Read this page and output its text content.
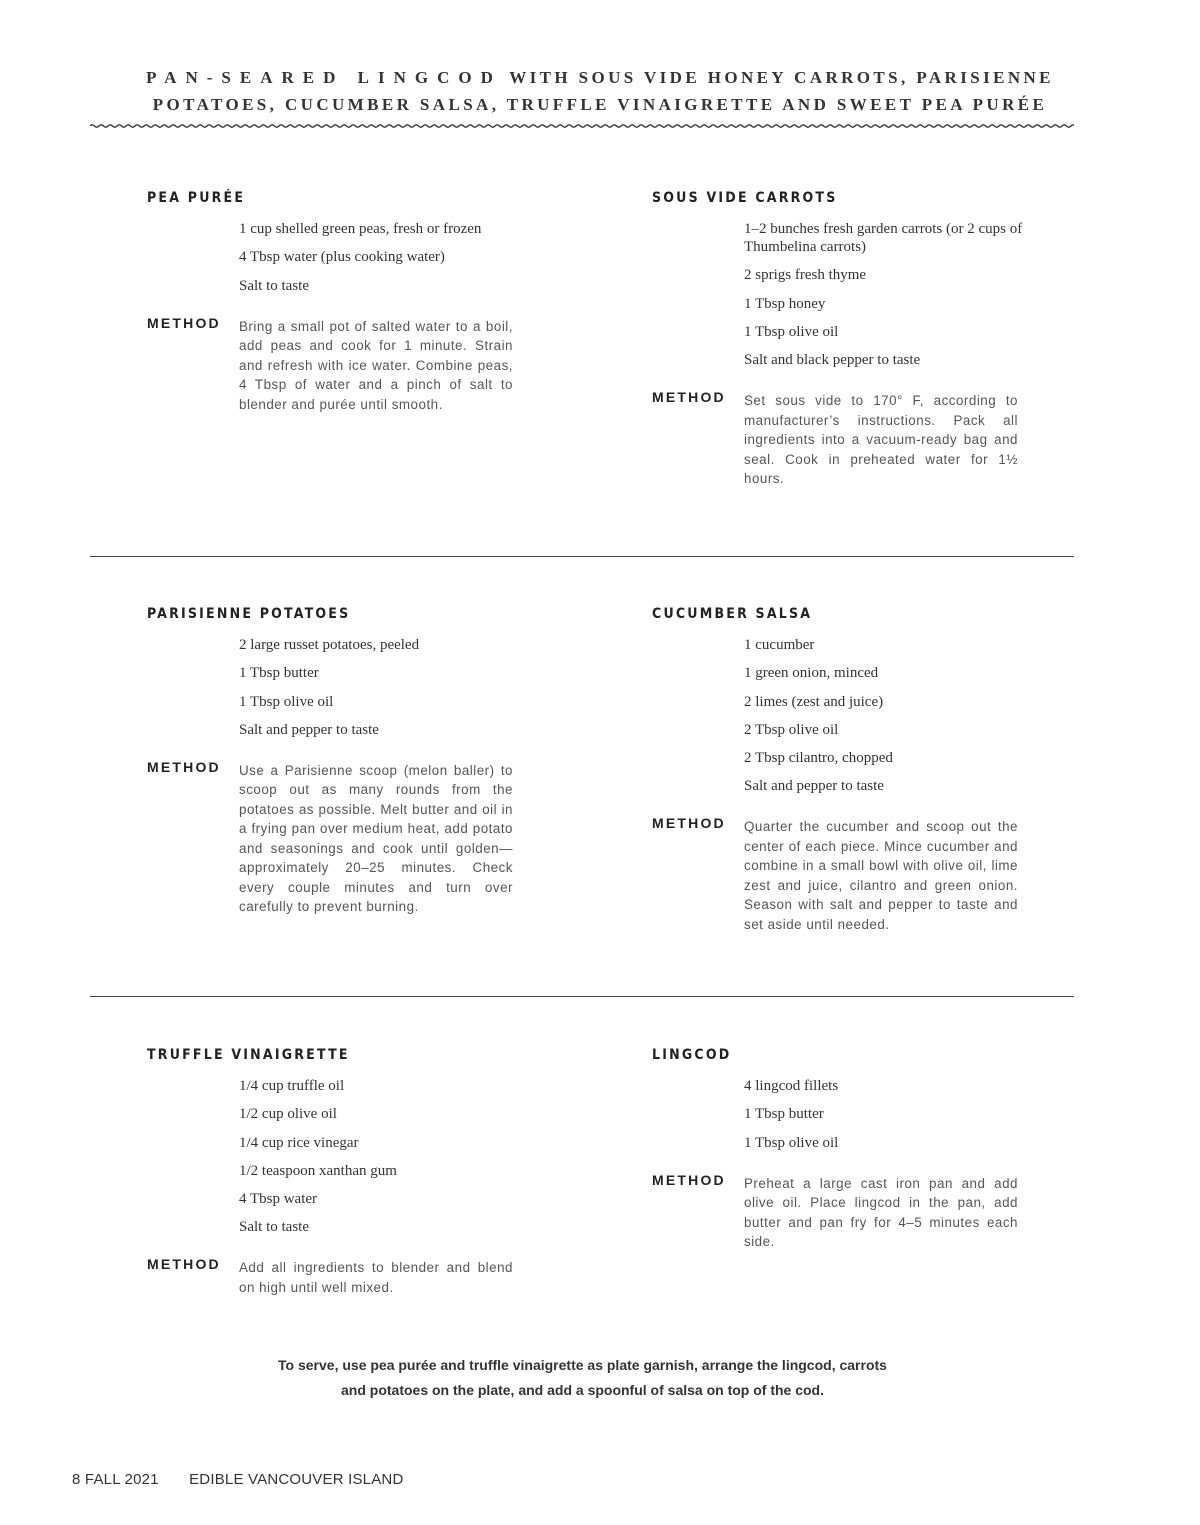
PAN-SEARED LINGCOD WITH SOUS VIDE HONEY CARROTS, PARISIENNE
POTATOES, CUCUMBER SALSA, TRUFFLE VINAIGRETTE AND SWEET PEA PURÉE
PEA PURÉE
1 cup shelled green peas, fresh or frozen
4 Tbsp water (plus cooking water)
Salt to taste
METHOD	Bring a small pot of salted water to a boil, add peas and cook for 1 minute. Strain and refresh with ice water. Combine peas, 4 Tbsp of water and a pinch of salt to blender and purée until smooth.
SOUS VIDE CARROTS
1–2 bunches fresh garden carrots (or 2 cups of Thumbelina carrots)
2 sprigs fresh thyme
1 Tbsp honey
1 Tbsp olive oil
Salt and black pepper to taste
METHOD	Set sous vide to 170° F, according to manufacturer’s instructions. Pack all ingredients into a vacuum-ready bag and seal. Cook in preheated water for 1½ hours.
PARISIENNE POTATOES
2 large russet potatoes, peeled
1 Tbsp butter
1 Tbsp olive oil
Salt and pepper to taste
METHOD	Use a Parisienne scoop (melon baller) to scoop out as many rounds from the potatoes as possible. Melt butter and oil in a frying pan over medium heat, add potato and seasonings and cook until golden—approximately 20–25 minutes. Check every couple minutes and turn over carefully to prevent burning.
CUCUMBER SALSA
1 cucumber
1 green onion, minced
2 limes (zest and juice)
2 Tbsp olive oil
2 Tbsp cilantro, chopped
Salt and pepper to taste
METHOD	Quarter the cucumber and scoop out the center of each piece. Mince cucumber and combine in a small bowl with olive oil, lime zest and juice, cilantro and green onion. Season with salt and pepper to taste and set aside until needed.
TRUFFLE VINAIGRETTE
1/4 cup truffle oil
1/2 cup olive oil
1/4 cup rice vinegar
1/2 teaspoon xanthan gum
4 Tbsp water
Salt to taste
METHOD	Add all ingredients to blender and blend on high until well mixed.
LINGCOD
4 lingcod fillets
1 Tbsp butter
1 Tbsp olive oil
METHOD	Preheat a large cast iron pan and add olive oil. Place lingcod in the pan, add butter and pan fry for 4–5 minutes each side.
To serve, use pea purée and truffle vinaigrette as plate garnish, arrange the lingcod, carrots
and potatoes on the plate, and add a spoonful of salsa on top of the cod.
8 FALL 2021 EDIBLE VANCOUVER ISLAND
